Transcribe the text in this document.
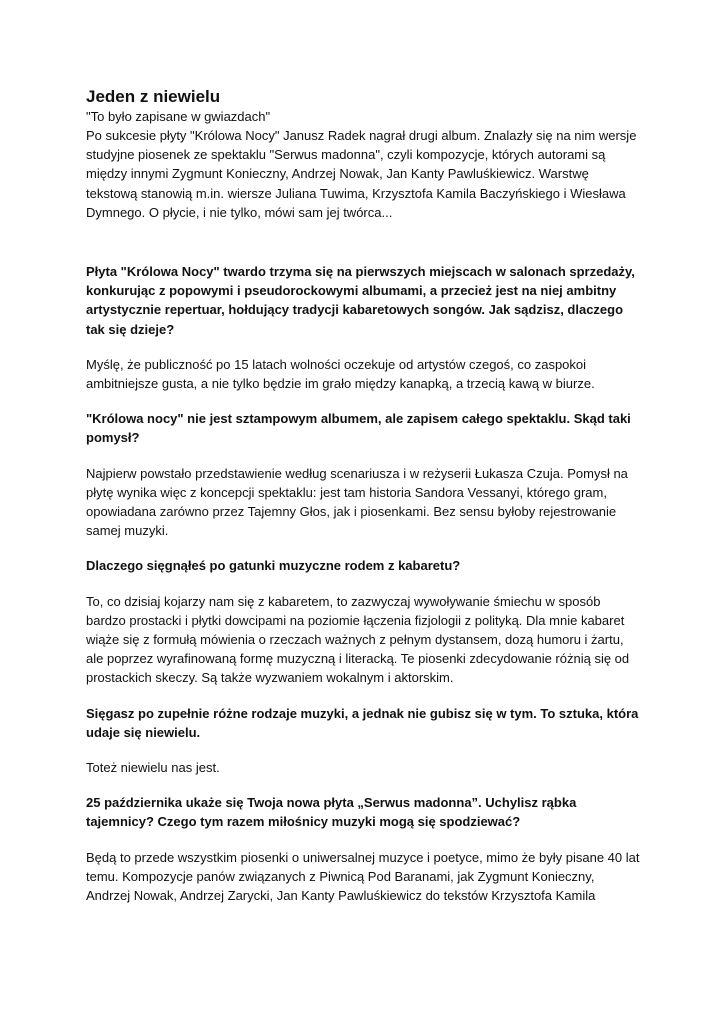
Jeden z niewielu

"To było zapisane w gwiazdach"

Po sukcesie płyty "Królowa Nocy" Janusz Radek nagrał drugi album. Znalazły się na nim wersje studyjne piosenek ze spektaklu "Serwus madonna", czyli kompozycje, których autorami są między innymi Zygmunt Konieczny, Andrzej Nowak, Jan Kanty Pawluśkiewicz. Warstwę tekstową stanowią m.in. wiersze Juliana Tuwima, Krzysztofa Kamila Baczyńskiego i Wiesława Dymnego. O płycie, i nie tylko, mówi sam jej twórca...

Płyta "Królowa Nocy" twardo trzyma się na pierwszych miejscach w salonach sprzedaży, konkurując z popowymi i pseudorockowymi albumami, a przecież jest na niej ambitny artystycznie repertuar, hołdujący tradycji kabaretowych songów. Jak sądzisz, dlaczego tak się dzieje?

Myślę, że publiczność po 15 latach wolności oczekuje od artystów czegoś, co zaspokoi ambitniejsze gusta, a nie tylko będzie im grało między kanapką, a trzecią kawą w biurze.

"Królowa nocy" nie jest sztampowym albumem, ale zapisem całego spektaklu. Skąd taki pomysł?

Najpierw powstało przedstawienie według scenariusza i w reżyserii Łukasza Czuja. Pomysł na płytę wynika więc z koncepcji spektaklu: jest tam historia Sandora Vessanyi, którego gram, opowiadana zarówno przez Tajemny Głos, jak i piosenkami. Bez sensu byłoby rejestrowanie samej muzyki.

Dlaczego sięgnąłeś po gatunki muzyczne rodem z kabaretu?

To, co dzisiaj kojarzy nam się z kabaretem, to zazwyczaj wywoływanie śmiechu w sposób bardzo prostacki i płytki dowcipami na poziomie łączenia fizjologii z polityką. Dla mnie kabaret wiąże się z formułą mówienia o rzeczach ważnych z pełnym dystansem, dozą humoru i żartu, ale poprzez wyrafinowaną formę muzyczną i literacką. Te piosenki zdecydowanie różnią się od prostackich skeczy. Są także wyzwaniem wokalnym i aktorskim.

Sięgasz po zupełnie różne rodzaje muzyki, a jednak nie gubisz się w tym. To sztuka, która udaje się niewielu.

Toteż niewielu nas jest.

25 października ukaże się Twoja nowa płyta „Serwus madonna”. Uchylisz rąbka tajemnicy? Czego tym razem miłośnicy muzyki mogą się spodziewać?

Będą to przede wszystkim piosenki o uniwersalnej muzyce i poetyce, mimo że były pisane 40 lat temu. Kompozycje panów związanych z Piwnicą Pod Baranami, jak Zygmunt Konieczny, Andrzej Nowak, Andrzej Zarycki, Jan Kanty Pawluśkiewicz do tekstów Krzysztofa Kamila
